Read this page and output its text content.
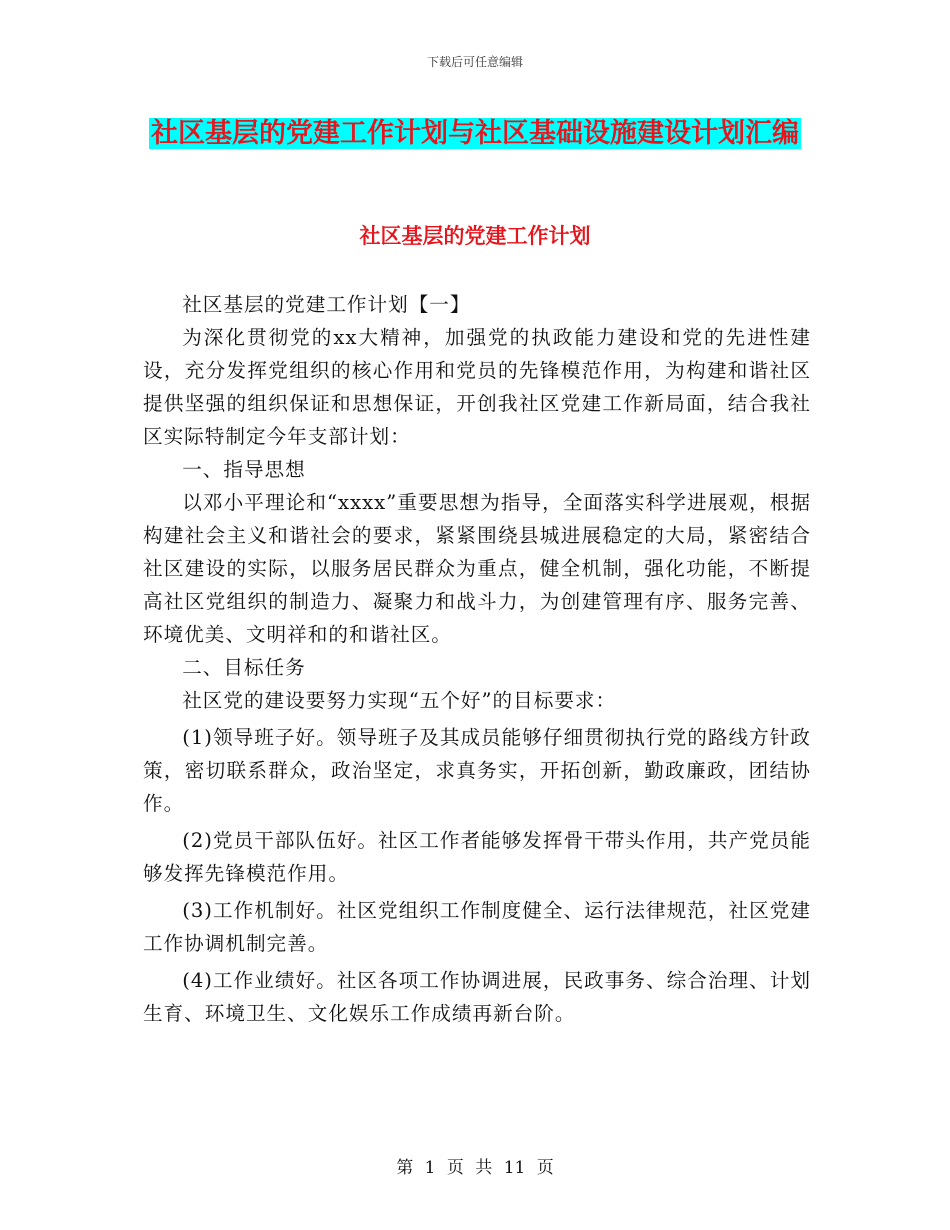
下载后可任意编辑
社区基层的党建工作计划与社区基础设施建设计划汇编
社区基层的党建工作计划

社区基层的党建工作计划【一】

为深化贯彻党的xx大精神，加强党的执政能力建设和党的先进性建设，充分发挥党组织的核心作用和党员的先锋模范作用，为构建和谐社区提供坚强的组织保证和思想保证，开创我社区党建工作新局面，结合我社区实际特制定今年支部计划：

一、指导思想

以邓小平理论和“xxxx”重要思想为指导，全面落实科学进展观，根据构建社会主义和谐社会的要求，紧紧围绕县城进展稳定的大局，紧密结合社区建设的实际，以服务居民群众为重点，健全机制，强化功能，不断提高社区党组织的制造力、凝聚力和战斗力，为创建管理有序、服务完善、环境优美、文明祥和的和谐社区。

二、目标任务

社区党的建设要努力实现“五个好”的目标要求：

(1)领导班子好。领导班子及其成员能够仔细贯彻执行党的路线方针政策，密切联系群众，政治坚定，求真务实，开拓创新，勤政廉政，团结协作。

(2)党员干部队伍好。社区工作者能够发挥骨干带头作用，共产党员能够发挥先锋模范作用。

(3)工作机制好。社区党组织工作制度健全、运行法律规范，社区党建工作协调机制完善。

(4)工作业绩好。社区各项工作协调进展，民政事务、综合治理、计划生育、环境卫生、文化娱乐工作成绩再新台阶。

第 1 页 共 11 页
